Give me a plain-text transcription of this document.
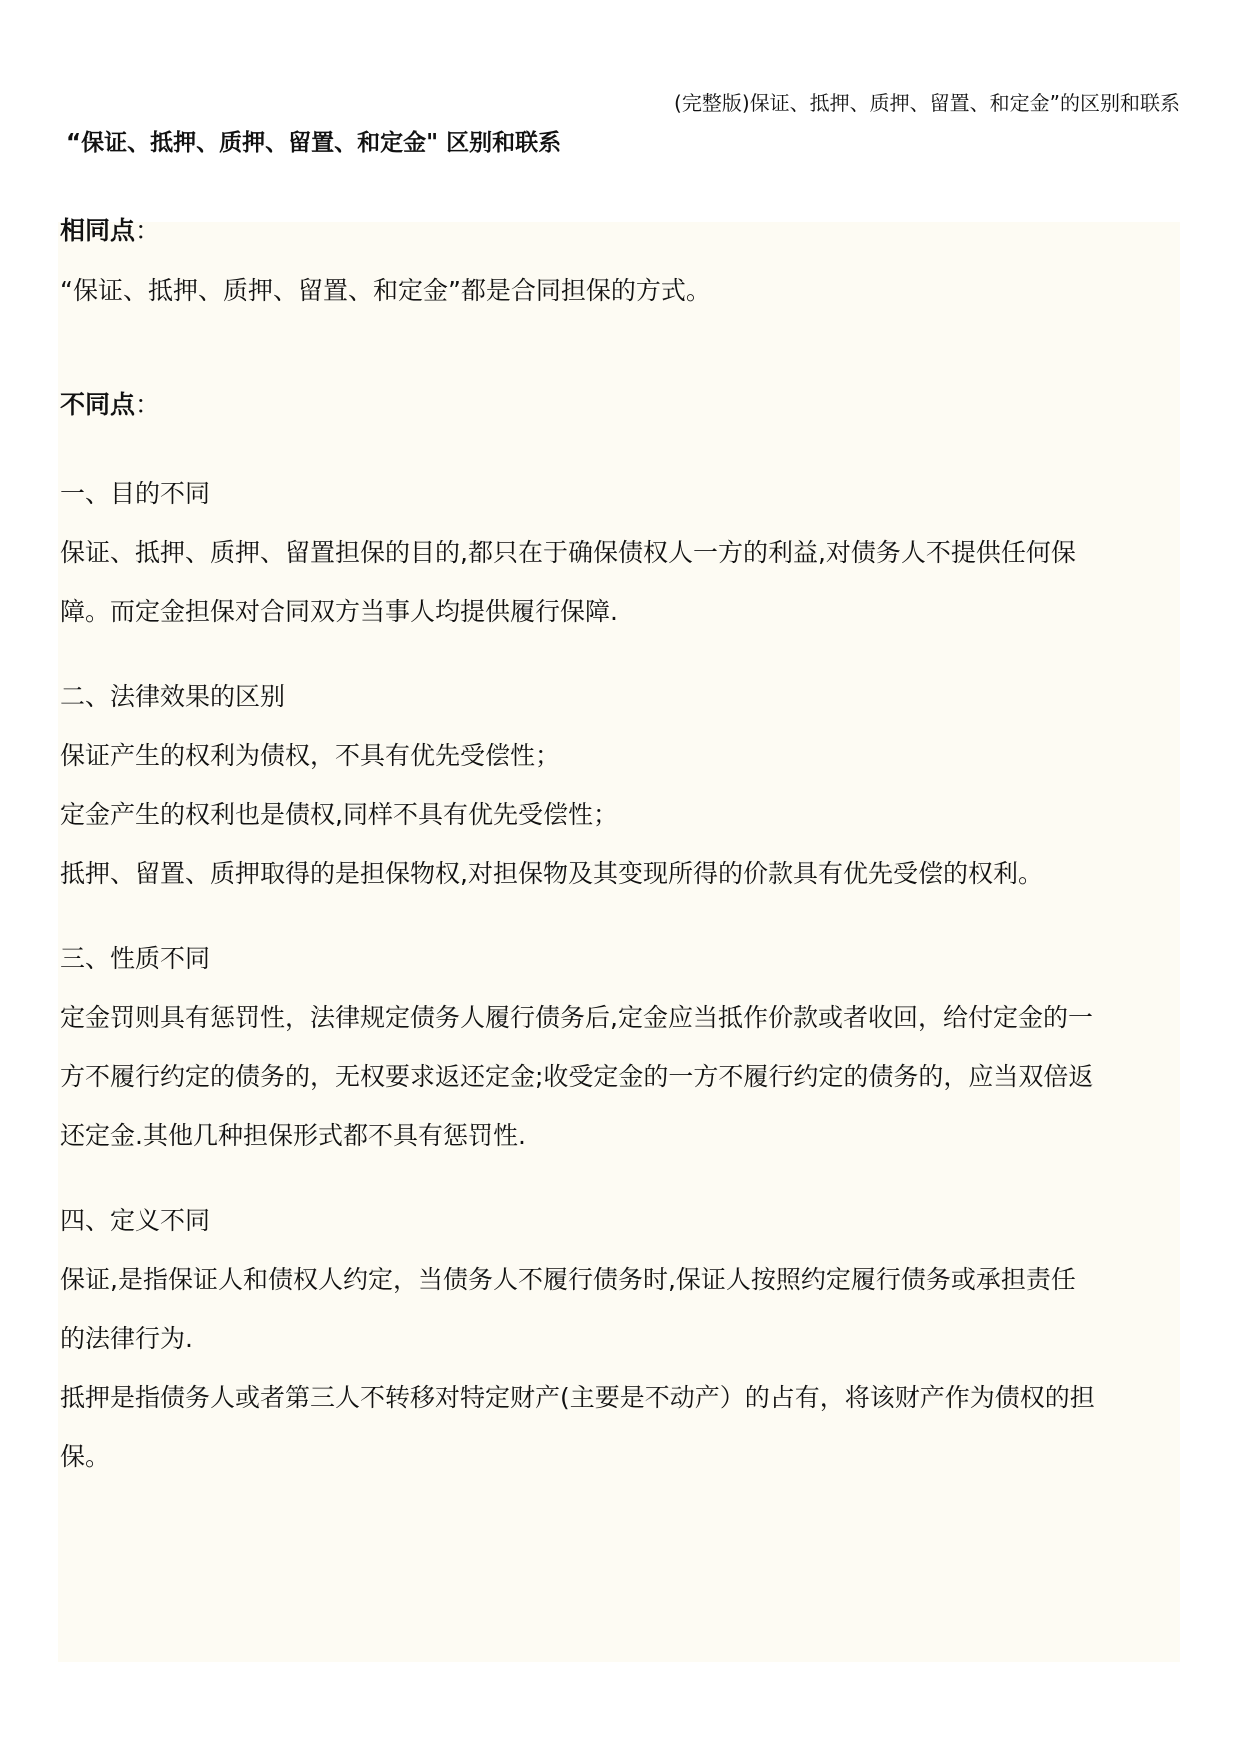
(完整版)保证、抵押、质押、留置、和定金”的区别和联系
“保证、抵押、质押、留置、和定金" 区别和联系
相同点：
“保证、抵押、质押、留置、和定金”都是合同担保的方式。
不同点：
一、目的不同
保证、抵押、质押、留置担保的目的,都只在于确保债权人一方的利益,对债务人不提供任何保
障。而定金担保对合同双方当事人均提供履行保障.
二、法律效果的区别
保证产生的权利为债权，不具有优先受偿性；
定金产生的权利也是债权,同样不具有优先受偿性；
抵押、留置、质押取得的是担保物权,对担保物及其变现所得的价款具有优先受偿的权利。
三、性质不同
定金罚则具有惩罚性，法律规定债务人履行债务后,定金应当抵作价款或者收回，给付定金的一
方不履行约定的债务的，无权要求返还定金;收受定金的一方不履行约定的债务的，应当双倍返
还定金.其他几种担保形式都不具有惩罚性.
四、定义不同
保证,是指保证人和债权人约定，当债务人不履行债务时,保证人按照约定履行债务或承担责任
的法律行为.
抵押是指债务人或者第三人不转移对特定财产(主要是不动产）的占有，将该财产作为债权的担
保。
